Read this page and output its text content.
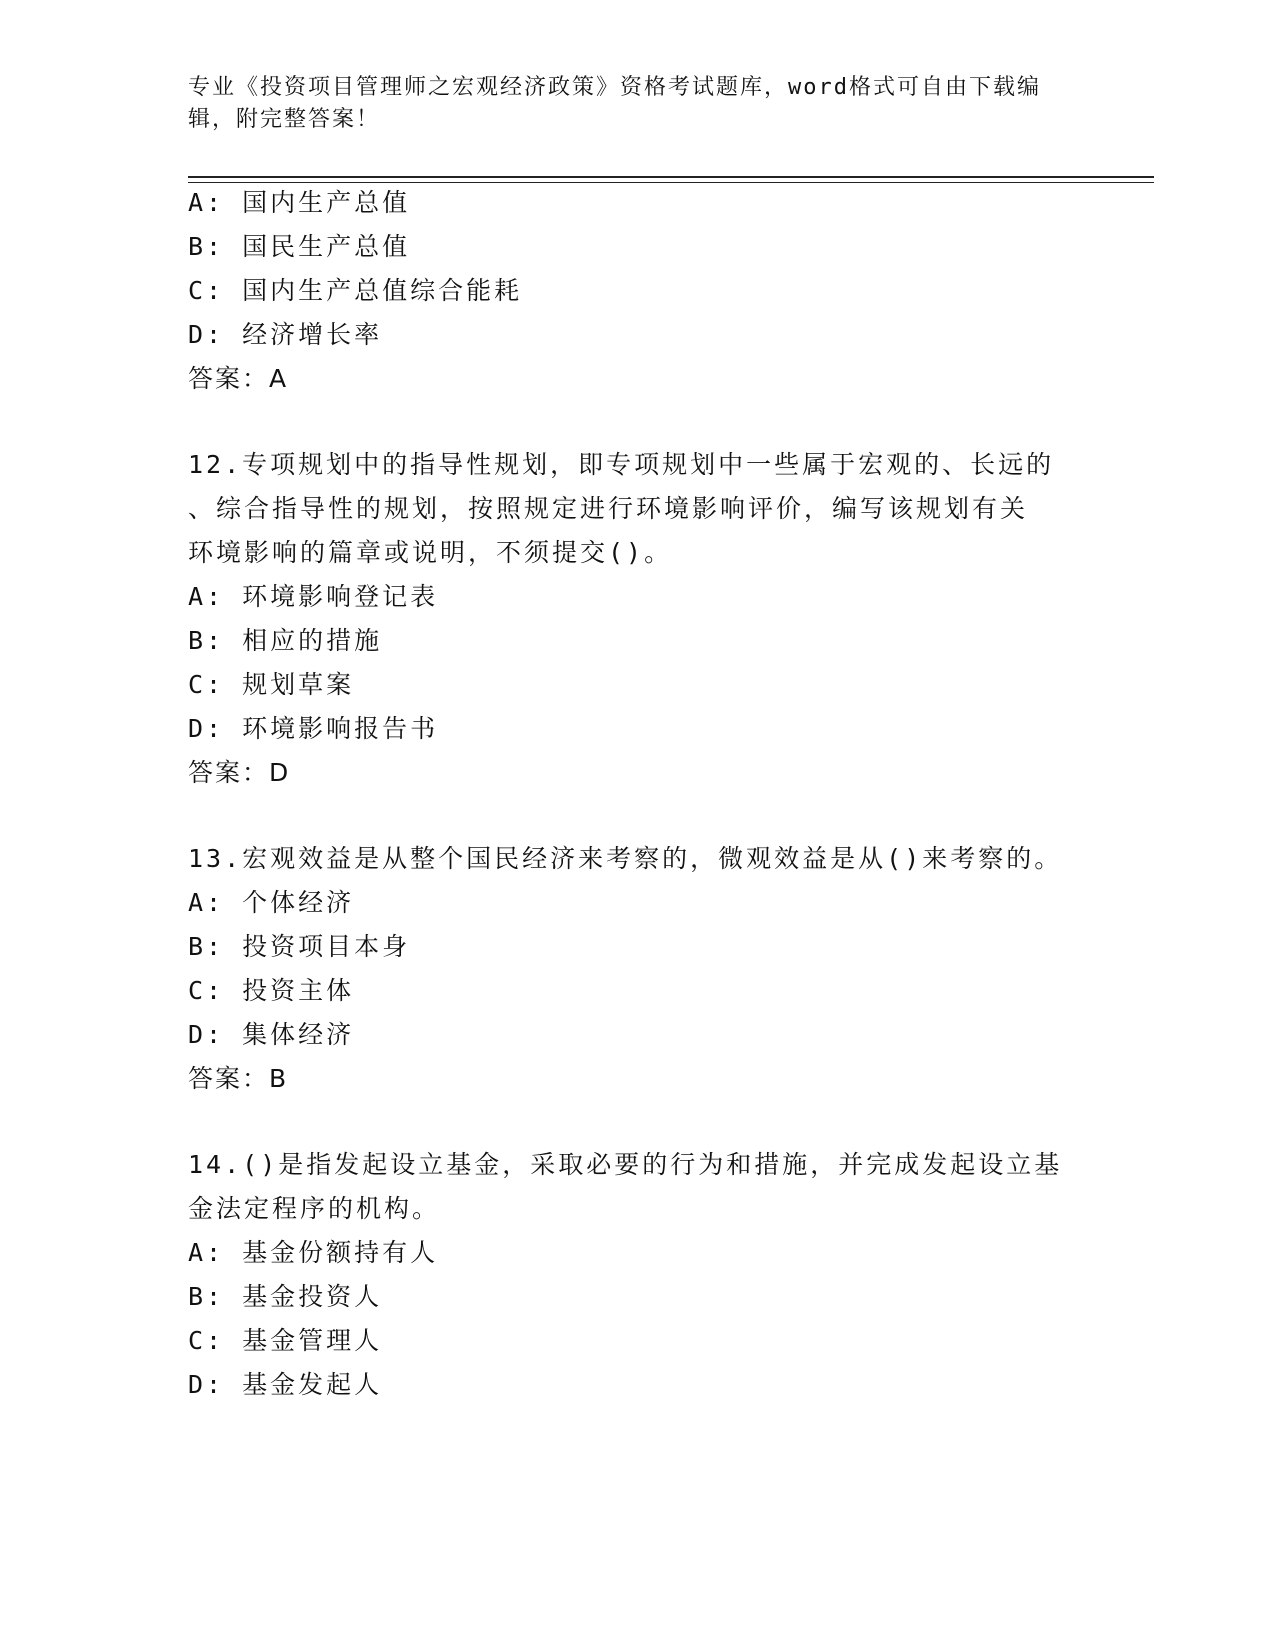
专业《投资项目管理师之宏观经济政策》资格考试题库，word格式可自由下载编辑，附完整答案！

A: 国内生产总值

B: 国民生产总值

C: 国内生产总值综合能耗

D: 经济增长率

答案：A

12.专项规划中的指导性规划，即专项规划中一些属于宏观的、长远的

、综合指导性的规划，按照规定进行环境影响评价，编写该规划有关

环境影响的篇章或说明，不须提交()。

A: 环境影响登记表

B: 相应的措施

C: 规划草案

D: 环境影响报告书

答案：D

13.宏观效益是从整个国民经济来考察的，微观效益是从()来考察的。

A: 个体经济

B: 投资项目本身

C: 投资主体

D: 集体经济

答案：B

14.()是指发起设立基金，采取必要的行为和措施，并完成发起设立基

金法定程序的机构。

A: 基金份额持有人

B: 基金投资人

C: 基金管理人

D: 基金发起人
